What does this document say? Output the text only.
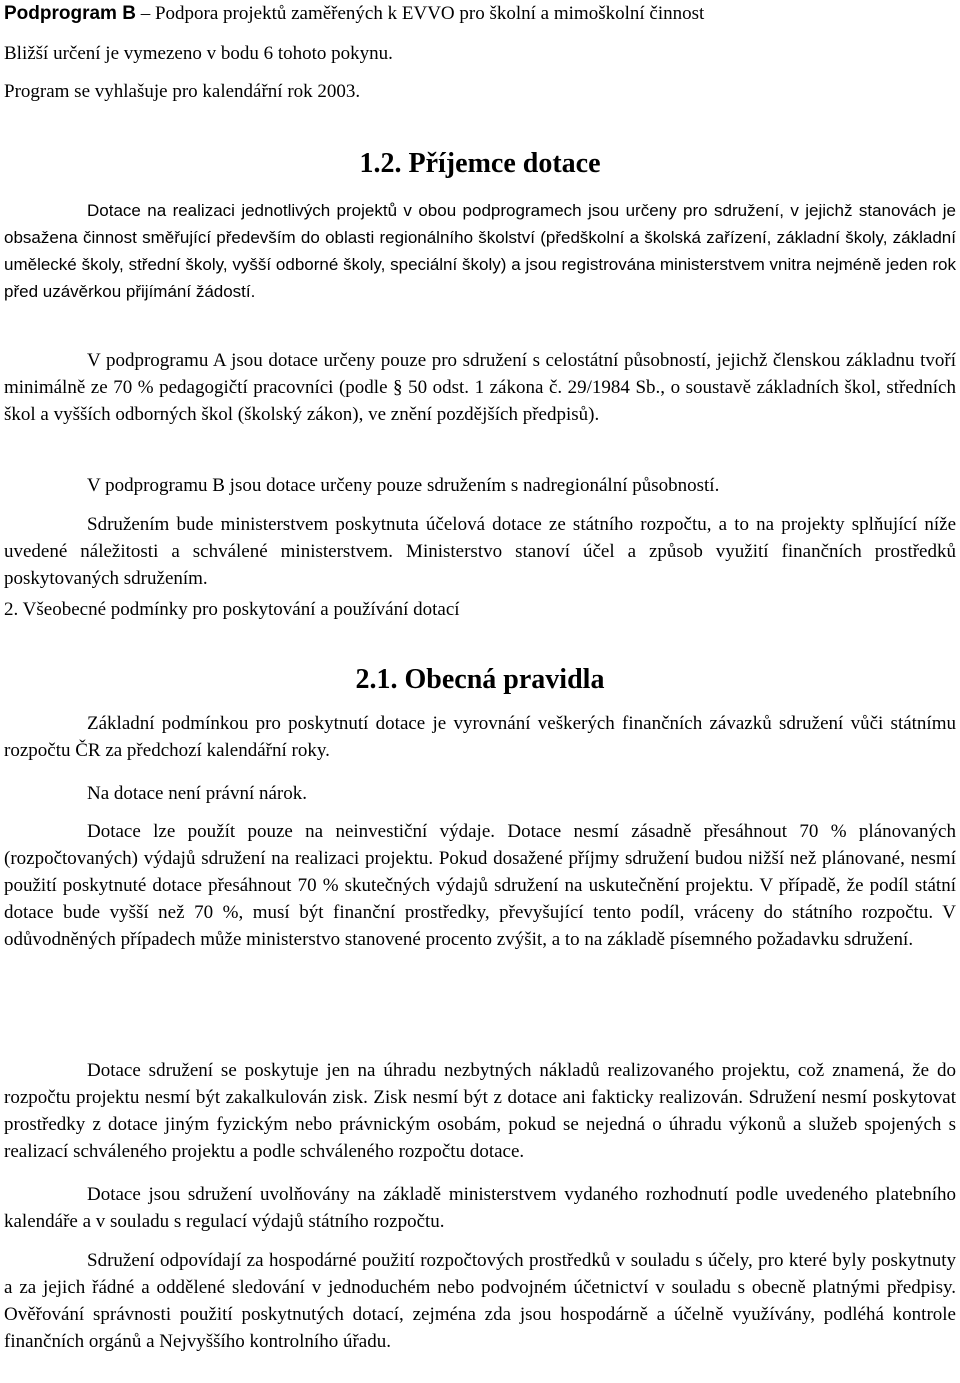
Podprogram B – Podpora projektů zaměřených k EVVO pro školní a mimoškolní činnost
Bližší určení je vymezeno v bodu 6 tohoto pokynu.
Program se vyhlašuje pro kalendářní rok 2003.
1.2. Příjemce dotace

Dotace na realizaci jednotlivých projektů v obou podprogramech jsou určeny pro sdružení, v jejichž stanovách je obsažena činnost směřující především do oblasti regionálního školství (předškolní a školská zařízení, základní školy, základní umělecké školy, střední školy, vyšší odborné školy, speciální školy) a jsou registrována ministerstvem vnitra nejméně jeden rok před uzávěrkou přijímání žádostí.

V podprogramu A jsou dotace určeny pouze pro sdružení s celostátní působností, jejichž členskou základnu tvoří minimálně ze 70 % pedagogičtí pracovníci (podle § 50 odst. 1 zákona č. 29/1984 Sb., o soustavě základních škol, středních škol a vyšších odborných škol (školský zákon), ve znění pozdějších předpisů).

V podprogramu B jsou dotace určeny pouze sdružením s nadregionální působností.

Sdružením bude ministerstvem poskytnuta účelová dotace ze státního rozpočtu, a to na projekty splňující níže uvedené náležitosti a schválené ministerstvem. Ministerstvo stanoví účel a způsob využití finančních prostředků poskytovaných sdružením.

2. Všeobecné podmínky pro poskytování a používání dotací

2.1. Obecná pravidla

Základní podmínkou pro poskytnutí dotace je vyrovnání veškerých finančních závazků sdružení vůči státnímu rozpočtu ČR za předchozí kalendářní roky.

Na dotace není právní nárok.

Dotace lze použít pouze na neinvestiční výdaje. Dotace nesmí zásadně přesáhnout 70 % plánovaných (rozpočtovaných) výdajů sdružení na realizaci projektu. Pokud dosažené příjmy sdružení budou nižší než plánované, nesmí použití poskytnuté dotace přesáhnout 70 % skutečných výdajů sdružení na uskutečnění projektu. V případě, že podíl státní dotace bude vyšší než 70 %, musí být finanční prostředky, převyšující tento podíl, vráceny do státního rozpočtu. V odůvodněných případech může ministerstvo stanovené procento zvýšit, a to na základě písemného požadavku sdružení.

Dotace sdružení se poskytuje jen na úhradu nezbytných nákladů realizovaného projektu, což znamená, že do rozpočtu projektu nesmí být zakalkulován zisk. Zisk nesmí být z dotace ani fakticky realizován. Sdružení nesmí poskytovat prostředky z dotace jiným fyzickým nebo právnickým osobám, pokud se nejedná o úhradu výkonů a služeb spojených s realizací schváleného projektu a podle schváleného rozpočtu dotace.

Dotace jsou sdružení uvolňovány na základě ministerstvem vydaného rozhodnutí podle uvedeného platebního kalendáře a v souladu s regulací výdajů státního rozpočtu.

Sdružení odpovídají za hospodárné použití rozpočtových prostředků v souladu s účely, pro které byly poskytnuty a za jejich řádné a oddělené sledování v jednoduchém nebo podvojném účetnictví v souladu s obecně platnými předpisy. Ověřování správnosti použití poskytnutých dotací, zejména zda jsou hospodárně a účelně využívány, podléhá kontrole finančních orgánů a Nejvyššího kontrolního úřadu.
